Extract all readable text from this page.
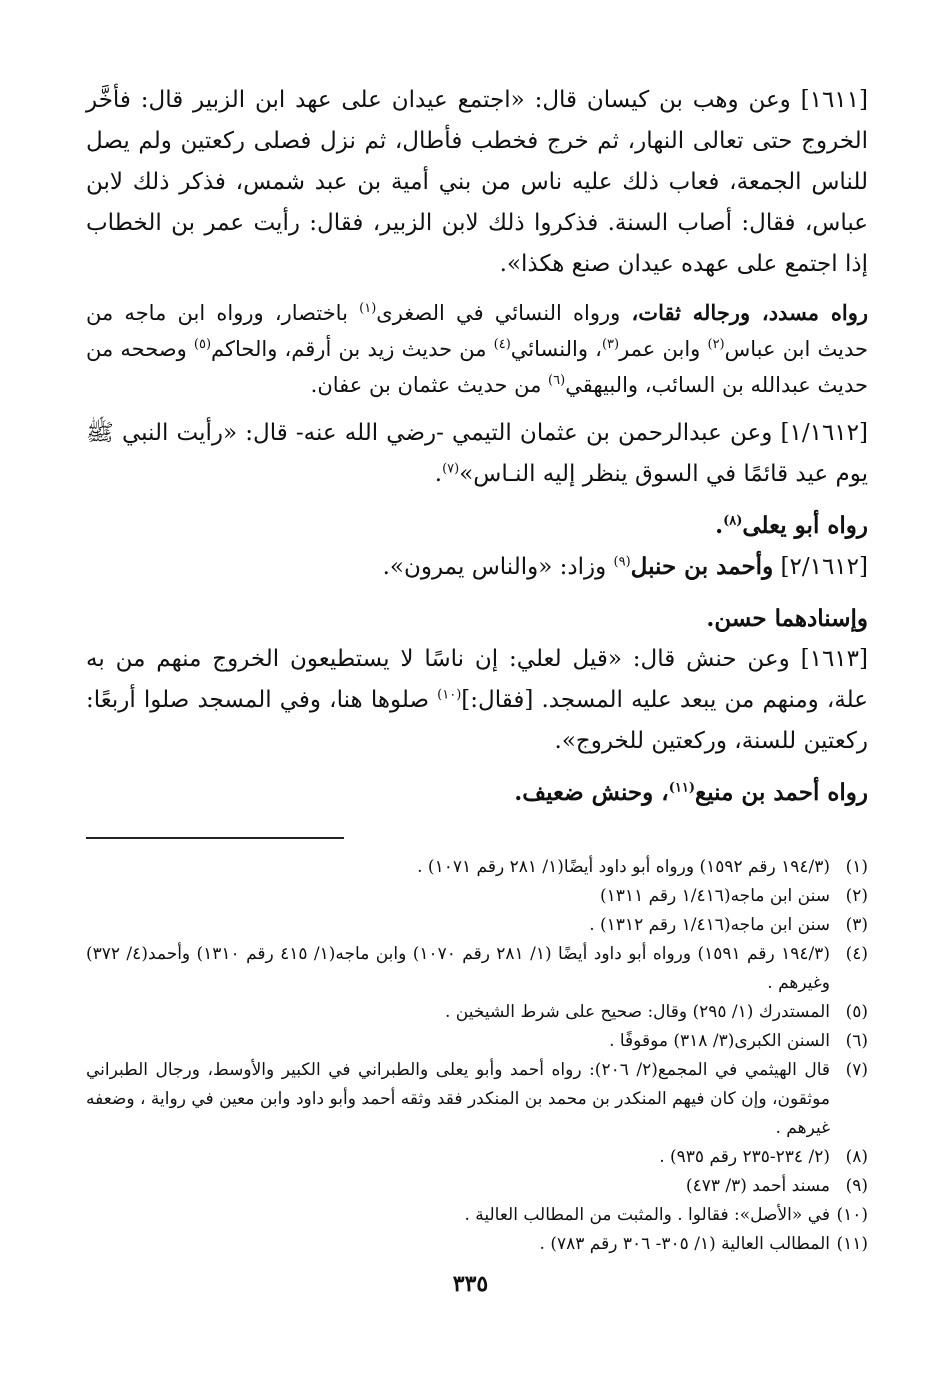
[١٦١١] وعن وهب بن كيسان قال: «اجتمع عيدان على عهد ابن الزبير قال: فأخَّر الخروج حتى تعالى النهار، ثم خرج فخطب فأطال، ثم نزل فصلى ركعتين ولم يصل للناس الجمعة، فعاب ذلك عليه ناس من بني أمية بن عبد شمس، فذكر ذلك لابن عباس، فقال: أصاب السنة. فذكروا ذلك لابن الزبير، فقال: رأيت عمر بن الخطاب إذا اجتمع على عهده عيدان صنع هكذا».

رواه مسدد، ورجاله ثقات، ورواه النسائي في الصغرى$^{(١)}$ باختصار، ورواه ابن ماجه من حديث ابن عباس$^{(٢)}$ وابن عمر$^{(٣)}$، والنسائي$^{(٤)}$ من حديث زيد بن أرقم، والحاكم$^{(٥)}$ وصححه من حديث عبدالله بن السائب، والبيهقي$^{(٦)}$ من حديث عثمان بن عفان.

[١/١٦١٢] وعن عبدالرحمن بن عثمان التيمي -رضي الله عنه- قال: «رأيت النبي ﷺ يوم عيد قائمًا في السوق ينظر إليه النـاس»$^{(٧)}$.

رواه أبو يعلى$^{(٨)}$.

[٢/١٦١٢] وأحمد بن حنبل$^{(٩)}$ وزاد: «والناس يمرون».

وإسنادهما حسن.

[١٦١٣] وعن حنش قال: «قيل لعلي: إن ناسًا لا يستطيعون الخروج منهم من به علة، ومنهم من يبعد عليه المسجد. [فقال:]$^{(١٠)}$ صلوها هنا، وفي المسجد صلوا أربعًا: ركعتين للسنة، وركعتين للخروج».

رواه أحمد بن منيع$^{(١١)}$، وحنش ضعيف.

(١)
(١٩٤/٣ رقم ١٥٩٢) ورواه أبو داود أيضًا(١/ ٢٨١ رقم ١٠٧١) .

(٢)
سنن ابن ماجه(١/٤١٦ رقم ١٣١١)

(٣)
سنن ابن ماجه(١/٤١٦ رقم ١٣١٢) .

(٤)
(١٩٤/٣ رقم ١٥٩١) ورواه أبو داود أيضًا (١/ ٢٨١ رقم ١٠٧٠) وابن ماجه(١/ ٤١٥ رقم ١٣١٠) وأحمد(٤/ ٣٧٢) وغيرهم .

(٥)
المستدرك (١/ ٢٩٥) وقال: صحيح على شرط الشيخين .

(٦)
السنن الكبرى(٣/ ٣١٨) موقوفًا .

(٧)
قال الهيثمي في المجمع(٢/ ٢٠٦): رواه أحمد وأبو يعلى والطبراني في الكبير والأوسط، ورجال الطبراني موثقون، وإن كان فيهم المنكدر بن محمد بن المنكدر فقد وثقه أحمد وأبو داود وابن معين في رواية ، وضعفه غيرهم .

(٨)
(٢/ ٢٣٤-٢٣٥ رقم ٩٣٥) .

(٩)
مسند أحمد (٣/ ٤٧٣)

(١٠)
في «الأصل»: فقالوا . والمثبت من المطالب العالية .

(١١)
المطالب العالية (١/ ٣٠٥- ٣٠٦ رقم ٧٨٣) .

٣٣٥
